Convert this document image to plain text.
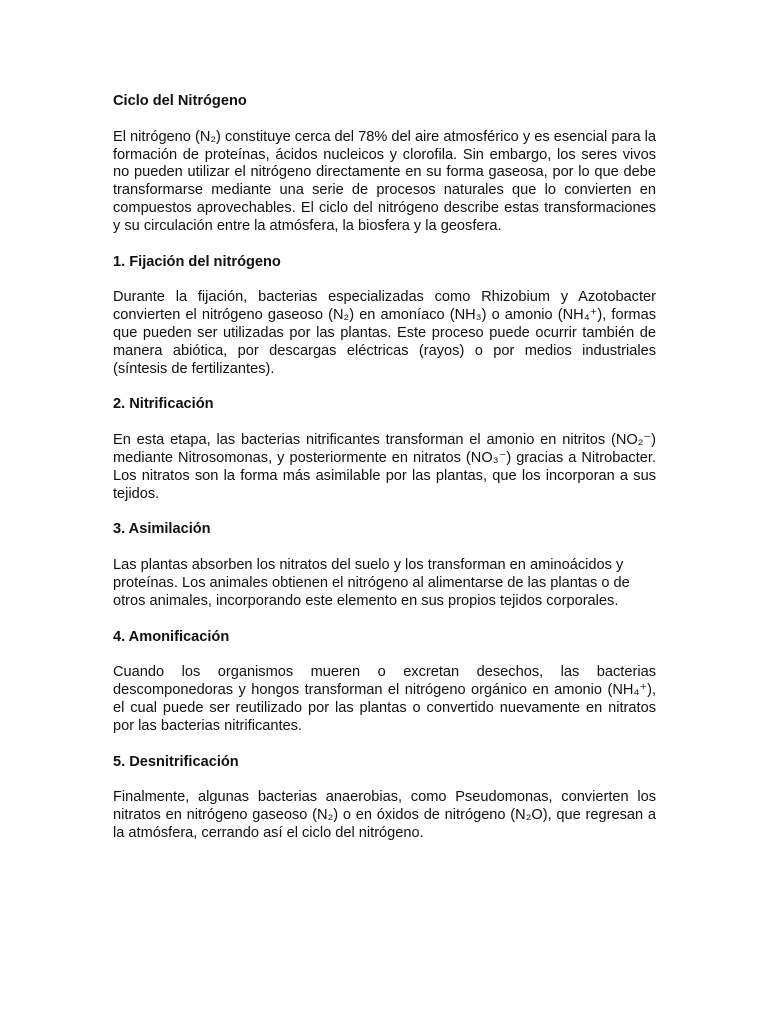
Ciclo del Nitrógeno
El nitrógeno (N₂) constituye cerca del 78% del aire atmosférico y es esencial para la formación de proteínas, ácidos nucleicos y clorofila. Sin embargo, los seres vivos no pueden utilizar el nitrógeno directamente en su forma gaseosa, por lo que debe transformarse mediante una serie de procesos naturales que lo convierten en compuestos aprovechables. El ciclo del nitrógeno describe estas transformaciones y su circulación entre la atmósfera, la biosfera y la geosfera.
1. Fijación del nitrógeno
Durante la fijación, bacterias especializadas como Rhizobium y Azotobacter convierten el nitrógeno gaseoso (N₂) en amoníaco (NH₃) o amonio (NH₄⁺), formas que pueden ser utilizadas por las plantas. Este proceso puede ocurrir también de manera abiótica, por descargas eléctricas (rayos) o por medios industriales (síntesis de fertilizantes).
2. Nitrificación
En esta etapa, las bacterias nitrificantes transforman el amonio en nitritos (NO₂⁻) mediante Nitrosomonas, y posteriormente en nitratos (NO₃⁻) gracias a Nitrobacter. Los nitratos son la forma más asimilable por las plantas, que los incorporan a sus tejidos.
3. Asimilación
Las plantas absorben los nitratos del suelo y los transforman en aminoácidos y proteínas. Los animales obtienen el nitrógeno al alimentarse de las plantas o de otros animales, incorporando este elemento en sus propios tejidos corporales.
4. Amonificación
Cuando los organismos mueren o excretan desechos, las bacterias descomponedoras y hongos transforman el nitrógeno orgánico en amonio (NH₄⁺), el cual puede ser reutilizado por las plantas o convertido nuevamente en nitratos por las bacterias nitrificantes.
5. Desnitrificación
Finalmente, algunas bacterias anaerobias, como Pseudomonas, convierten los nitratos en nitrógeno gaseoso (N₂) o en óxidos de nitrógeno (N₂O), que regresan a la atmósfera, cerrando así el ciclo del nitrógeno.
